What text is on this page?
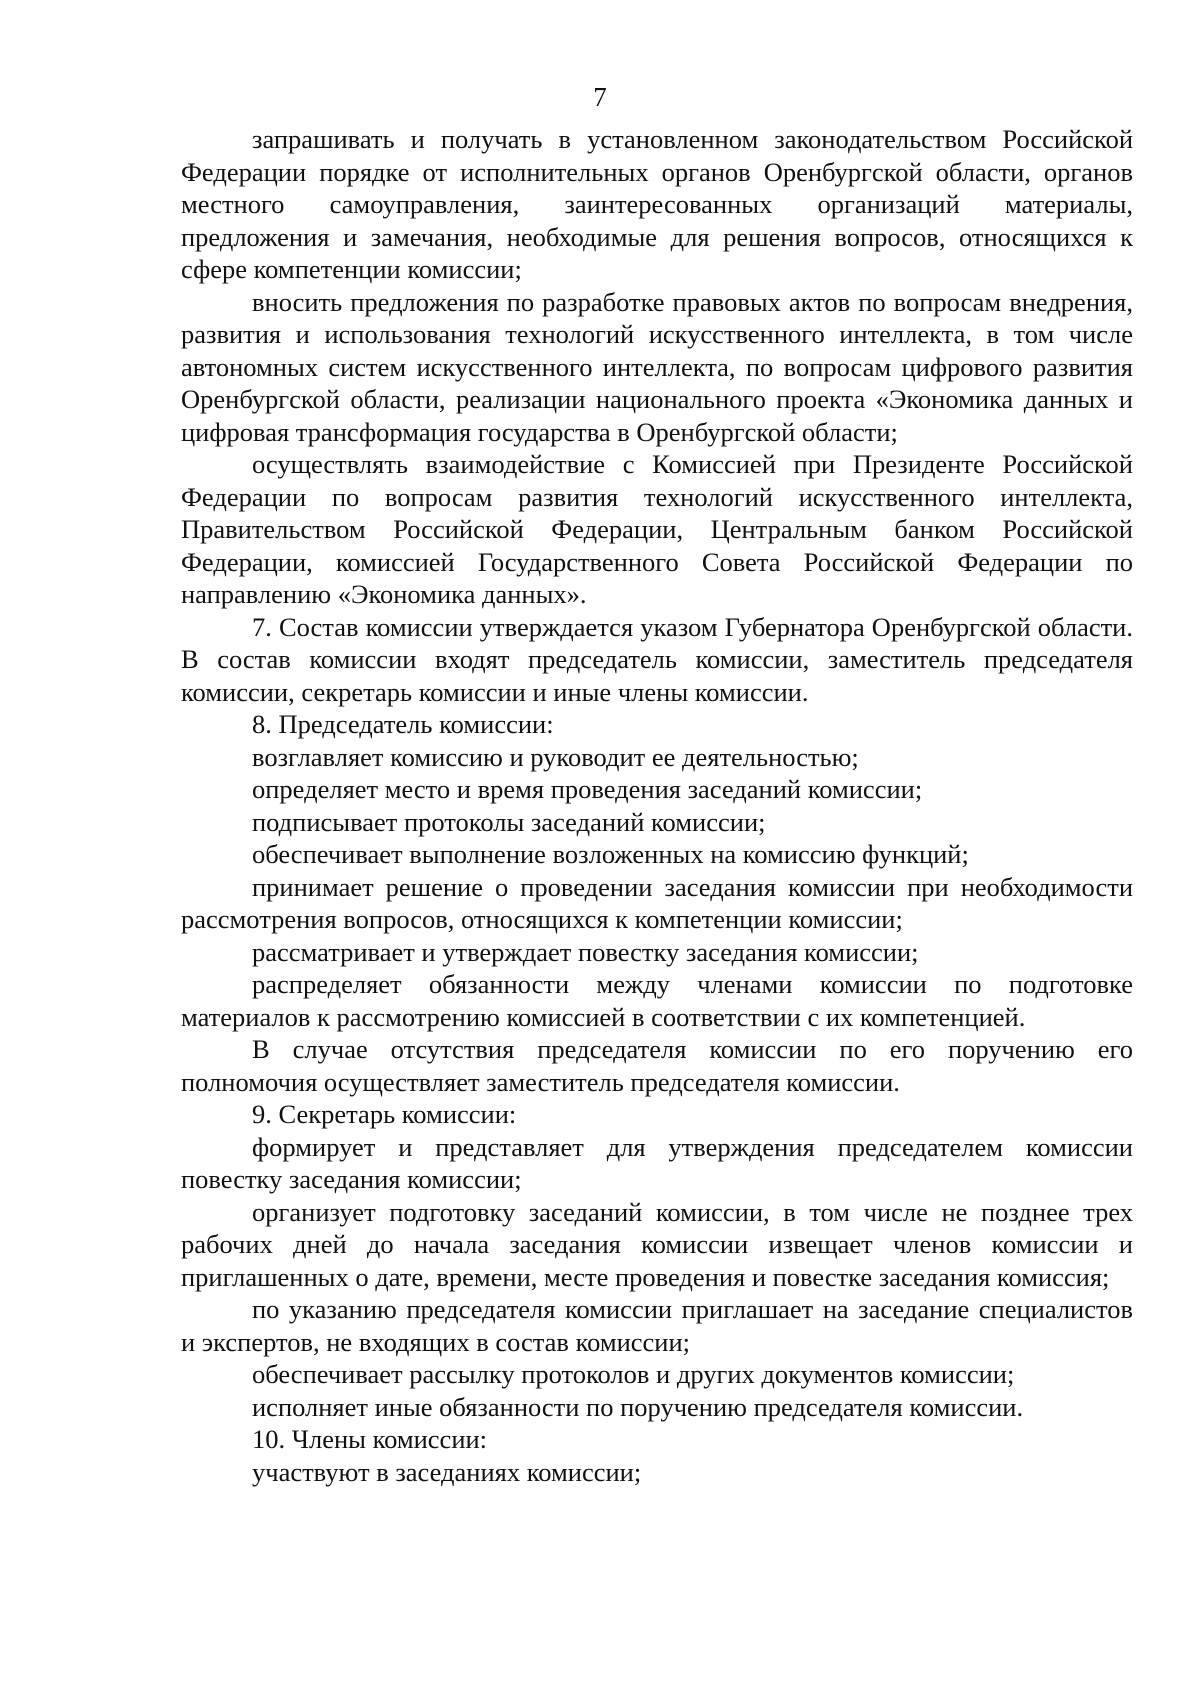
7

запрашивать и получать в установленном законодательством Российской Федерации порядке от исполнительных органов Оренбургской области, органов местного самоуправления, заинтересованных организаций материалы, предложения и замечания, необходимые для решения вопросов, относящихся к сфере компетенции комиссии;

вносить предложения по разработке правовых актов по вопросам внедрения, развития и использования технологий искусственного интеллекта, в том числе автономных систем искусственного интеллекта, по вопросам цифрового развития Оренбургской области, реализации национального проекта «Экономика данных и цифровая трансформация государства в Оренбургской области;

осуществлять взаимодействие с Комиссией при Президенте Российской Федерации по вопросам развития технологий искусственного интеллекта, Правительством Российской Федерации, Центральным банком Российской Федерации, комиссией Государственного Совета Российской Федерации по направлению «Экономика данных».

7. Состав комиссии утверждается указом Губернатора Оренбургской области. В состав комиссии входят председатель комиссии, заместитель председателя комиссии, секретарь комиссии и иные члены комиссии.

8. Председатель комиссии:

возглавляет комиссию и руководит ее деятельностью;

определяет место и время проведения заседаний комиссии;

подписывает протоколы заседаний комиссии;

обеспечивает выполнение возложенных на комиссию функций;

принимает решение о проведении заседания комиссии при необходимости рассмотрения вопросов, относящихся к компетенции комиссии;

рассматривает и утверждает повестку заседания комиссии;

распределяет обязанности между членами комиссии по подготовке материалов к рассмотрению комиссией в соответствии с их компетенцией.

В случае отсутствия председателя комиссии по его поручению его полномочия осуществляет заместитель председателя комиссии.

9. Секретарь комиссии:

формирует и представляет для утверждения председателем комиссии повестку заседания комиссии;

организует подготовку заседаний комиссии, в том числе не позднее трех рабочих дней до начала заседания комиссии извещает членов комиссии и приглашенных о дате, времени, месте проведения и повестке заседания комиссия;

по указанию председателя комиссии приглашает на заседание специалистов и экспертов, не входящих в состав комиссии;

обеспечивает рассылку протоколов и других документов комиссии;

исполняет иные обязанности по поручению председателя комиссии.

10. Члены комиссии:

участвуют в заседаниях комиссии;
